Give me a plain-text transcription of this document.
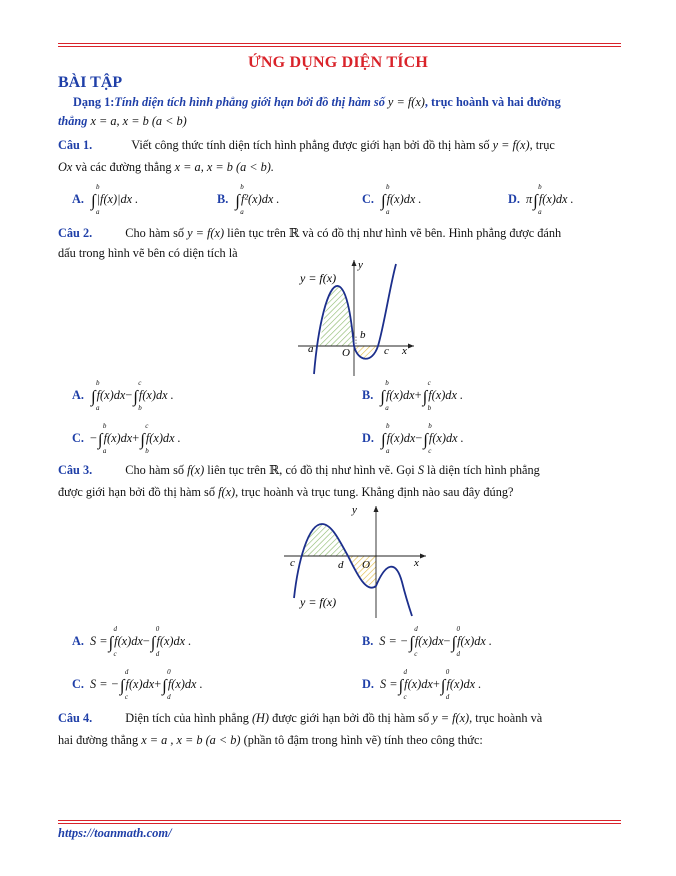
ỨNG DỤNG DIỆN TÍCH
BÀI TẬP
Dạng 1:Tính diện tích hình phẳng giới hạn bởi đồ thị hàm số y = f(x), trục hoành và hai đường
thẳng x = a, x = b (a < b)
Câu 1.	Viết công thức tính diện tích hình phẳng được giới hạn bởi đồ thị hàm số y = f(x), trục
Ox và các đường thẳng x = a, x = b (a < b).
A. ∫
b
a
|f(x)|dx .	B. ∫
b
a
f²(x)dx .	C. ∫
b
a
f(x)dx .	D. π∫
b
a
f(x)dx .
Câu 2.	Cho hàm số y = f(x) liên tục trên ℝ và có đồ thị như hình vẽ bên. Hình phẳng được đánh
dấu trong hình vẽ bên có diện tích là
y = f(x)
y
x
O
a
b
c
A. ∫
b
a
f(x)dx−∫
c
b
f(x)dx .	B. ∫
b
a
f(x)dx+∫
c
b
f(x)dx .
C. −∫
b
a
f(x)dx+∫
c
b
f(x)dx .	D. ∫
b
a
f(x)dx−∫
b
c
f(x)dx .
Câu 3.	Cho hàm số f(x) liên tục trên ℝ, có đồ thị như hình vẽ. Gọi S là diện tích hình phẳng
được giới hạn bởi đồ thị hàm số f(x), trục hoành và trục tung. Khẳng định nào sau đây đúng?
y
x
O
c	d
y = f(x)
A. S =∫
d
c
f(x)dx−∫
0
d
f(x)dx .	B. S = −∫
d
c
f(x)dx−∫
0
d
f(x)dx .
C. S = −∫
d
c
f(x)dx+∫
0
d
f(x)dx .	D. S =∫
d
c
f(x)dx+∫
0
d
f(x)dx .
Câu 4.	Diện tích của hình phẳng (H) được giới hạn bởi đồ thị hàm số y = f(x), trục hoành và
hai đường thẳng x = a , x = b (a < b) (phần tô đậm trong hình vẽ) tính theo công thức:
https://toanmath.com/
